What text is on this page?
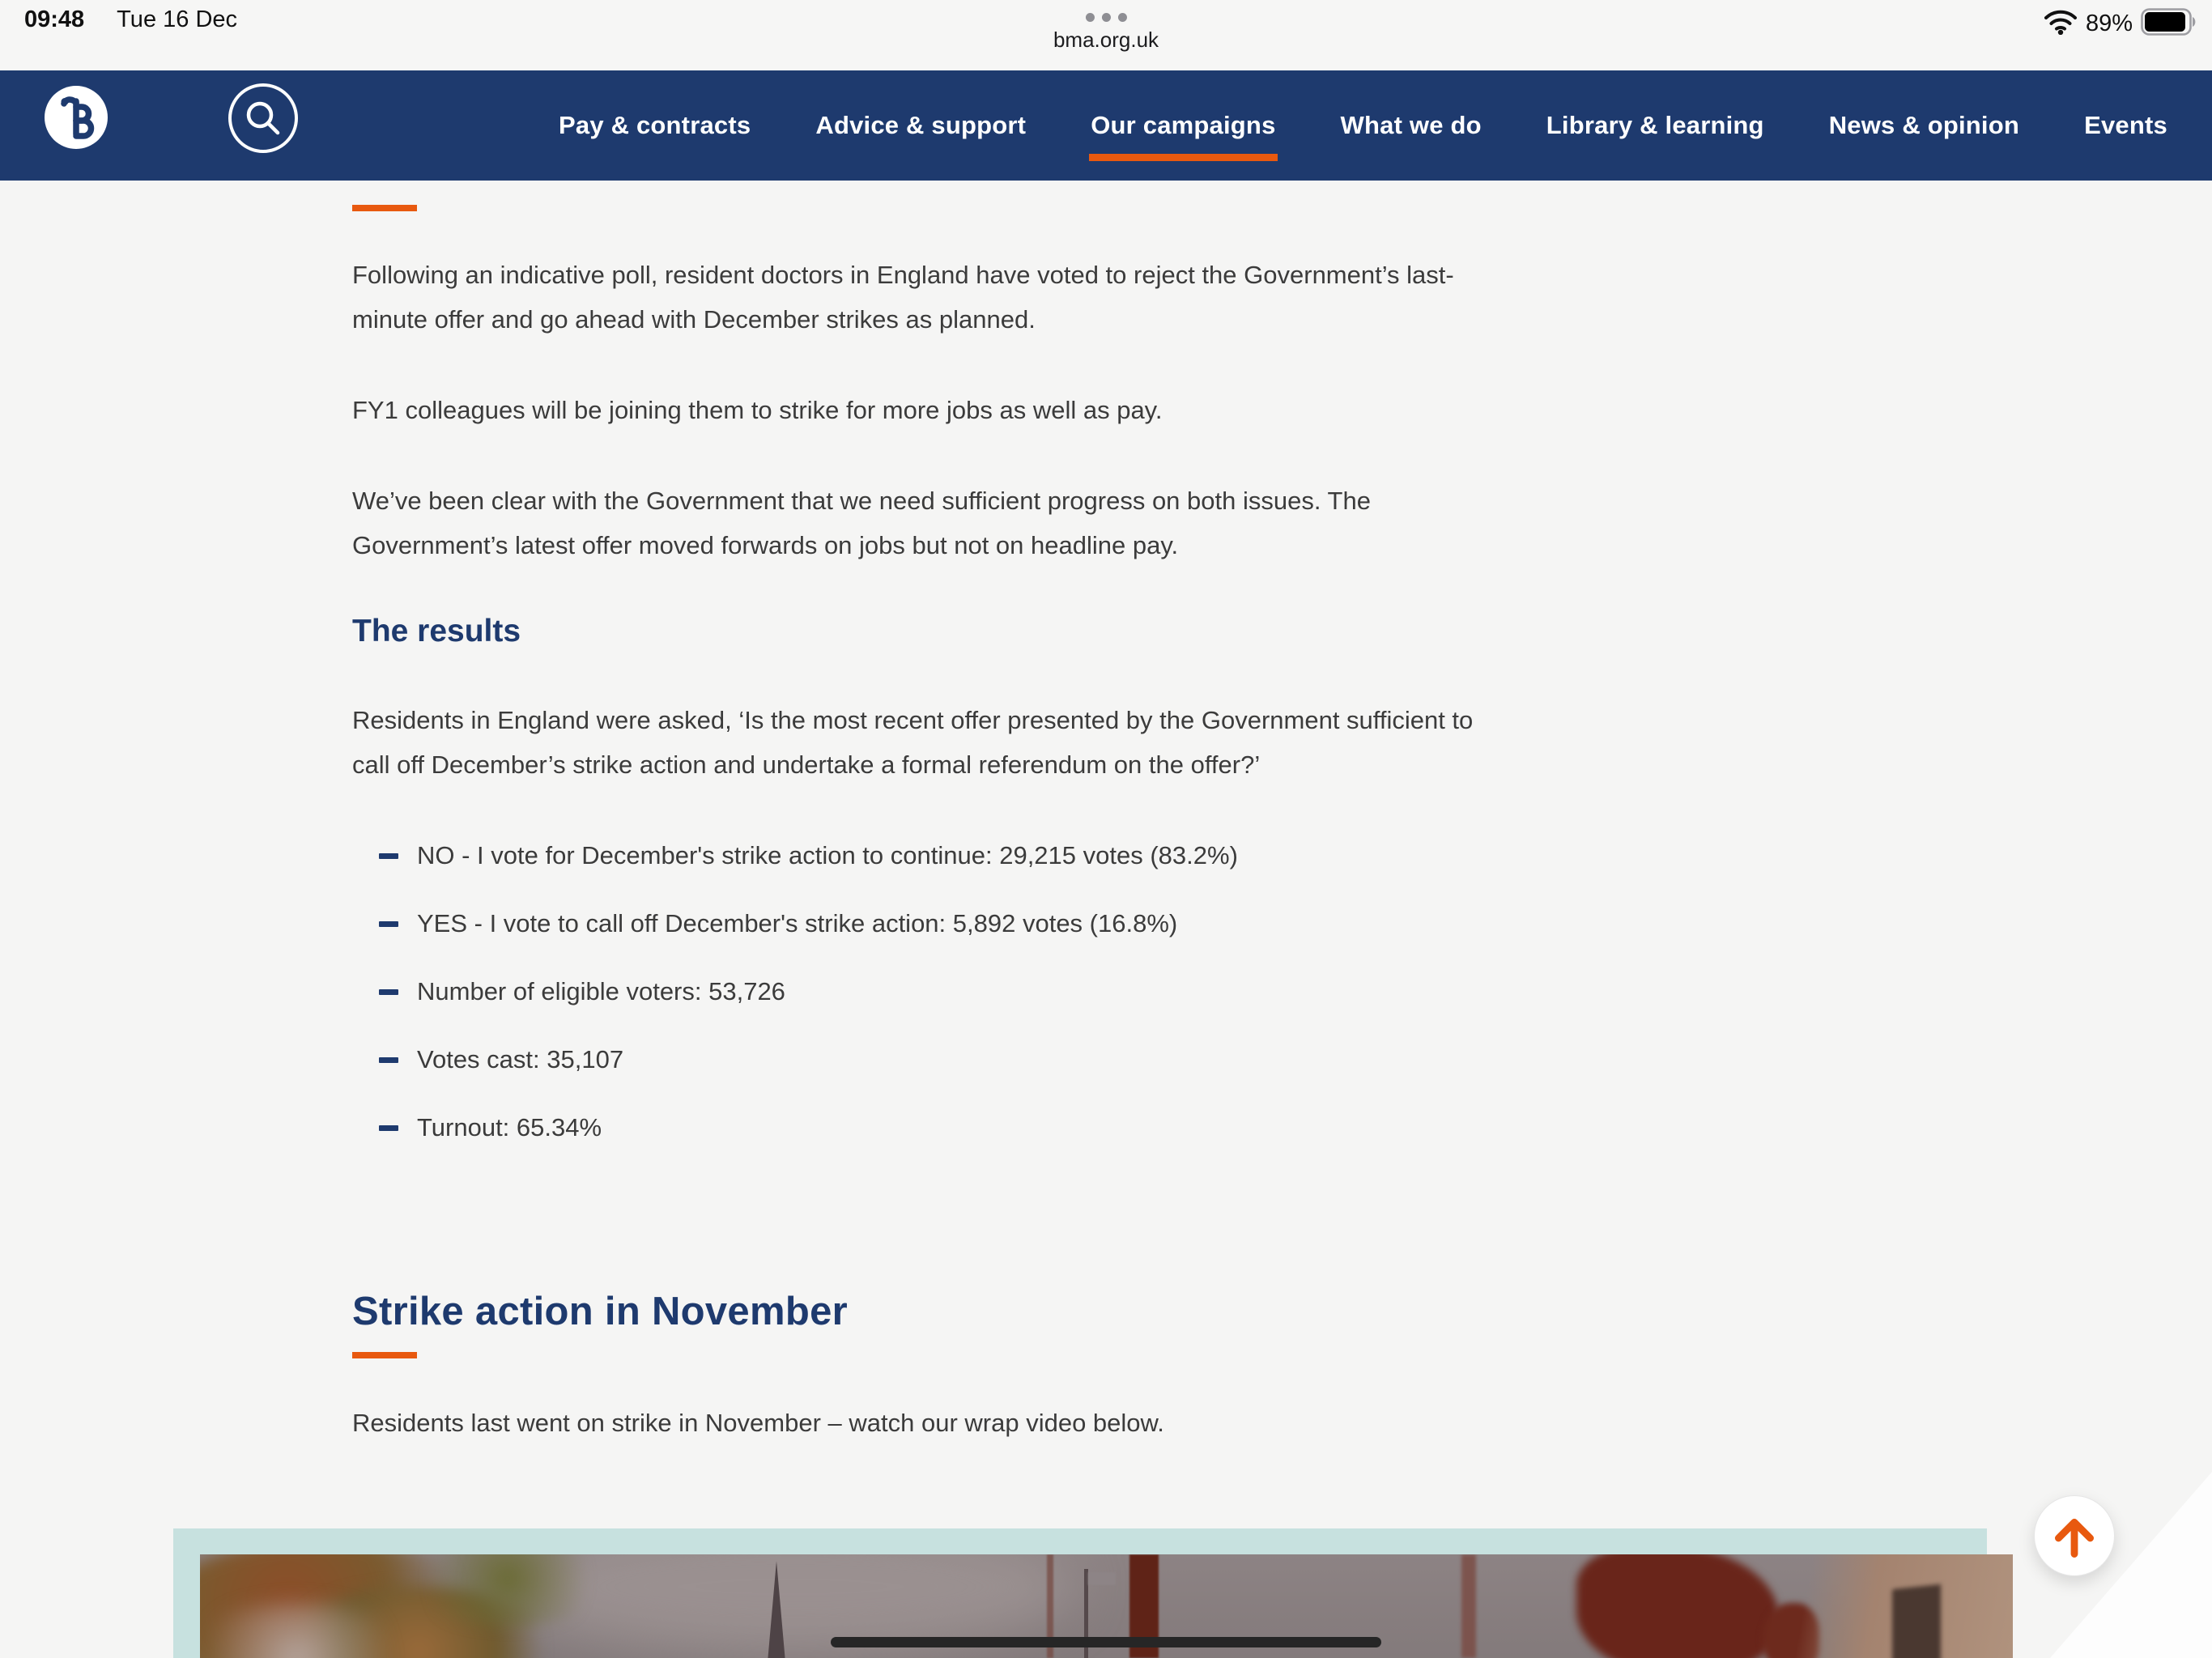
09:48 Tue 16 Dec
bma.org.uk
89%
Pay & contracts	Advice & support	Our campaigns	What we do	Library & learning	News & opinion	Events

Following an indicative poll, resident doctors in England have voted to reject the Government’s last-
minute offer and go ahead with December strikes as planned.

FY1 colleagues will be joining them to strike for more jobs as well as pay.

We’ve been clear with the Government that we need sufficient progress on both issues. The
Government’s latest offer moved forwards on jobs but not on headline pay.

The results

Residents in England were asked, ‘Is the most recent offer presented by the Government sufficient to
call off December’s strike action and undertake a formal referendum on the offer?’

NO - I vote for December's strike action to continue: 29,215 votes (83.2%)
YES - I vote to call off December's strike action: 5,892 votes (16.8%)
Number of eligible voters: 53,726
Votes cast: 35,107
Turnout: 65.34%
Strike action in November

Residents last went on strike in November – watch our wrap video below.
